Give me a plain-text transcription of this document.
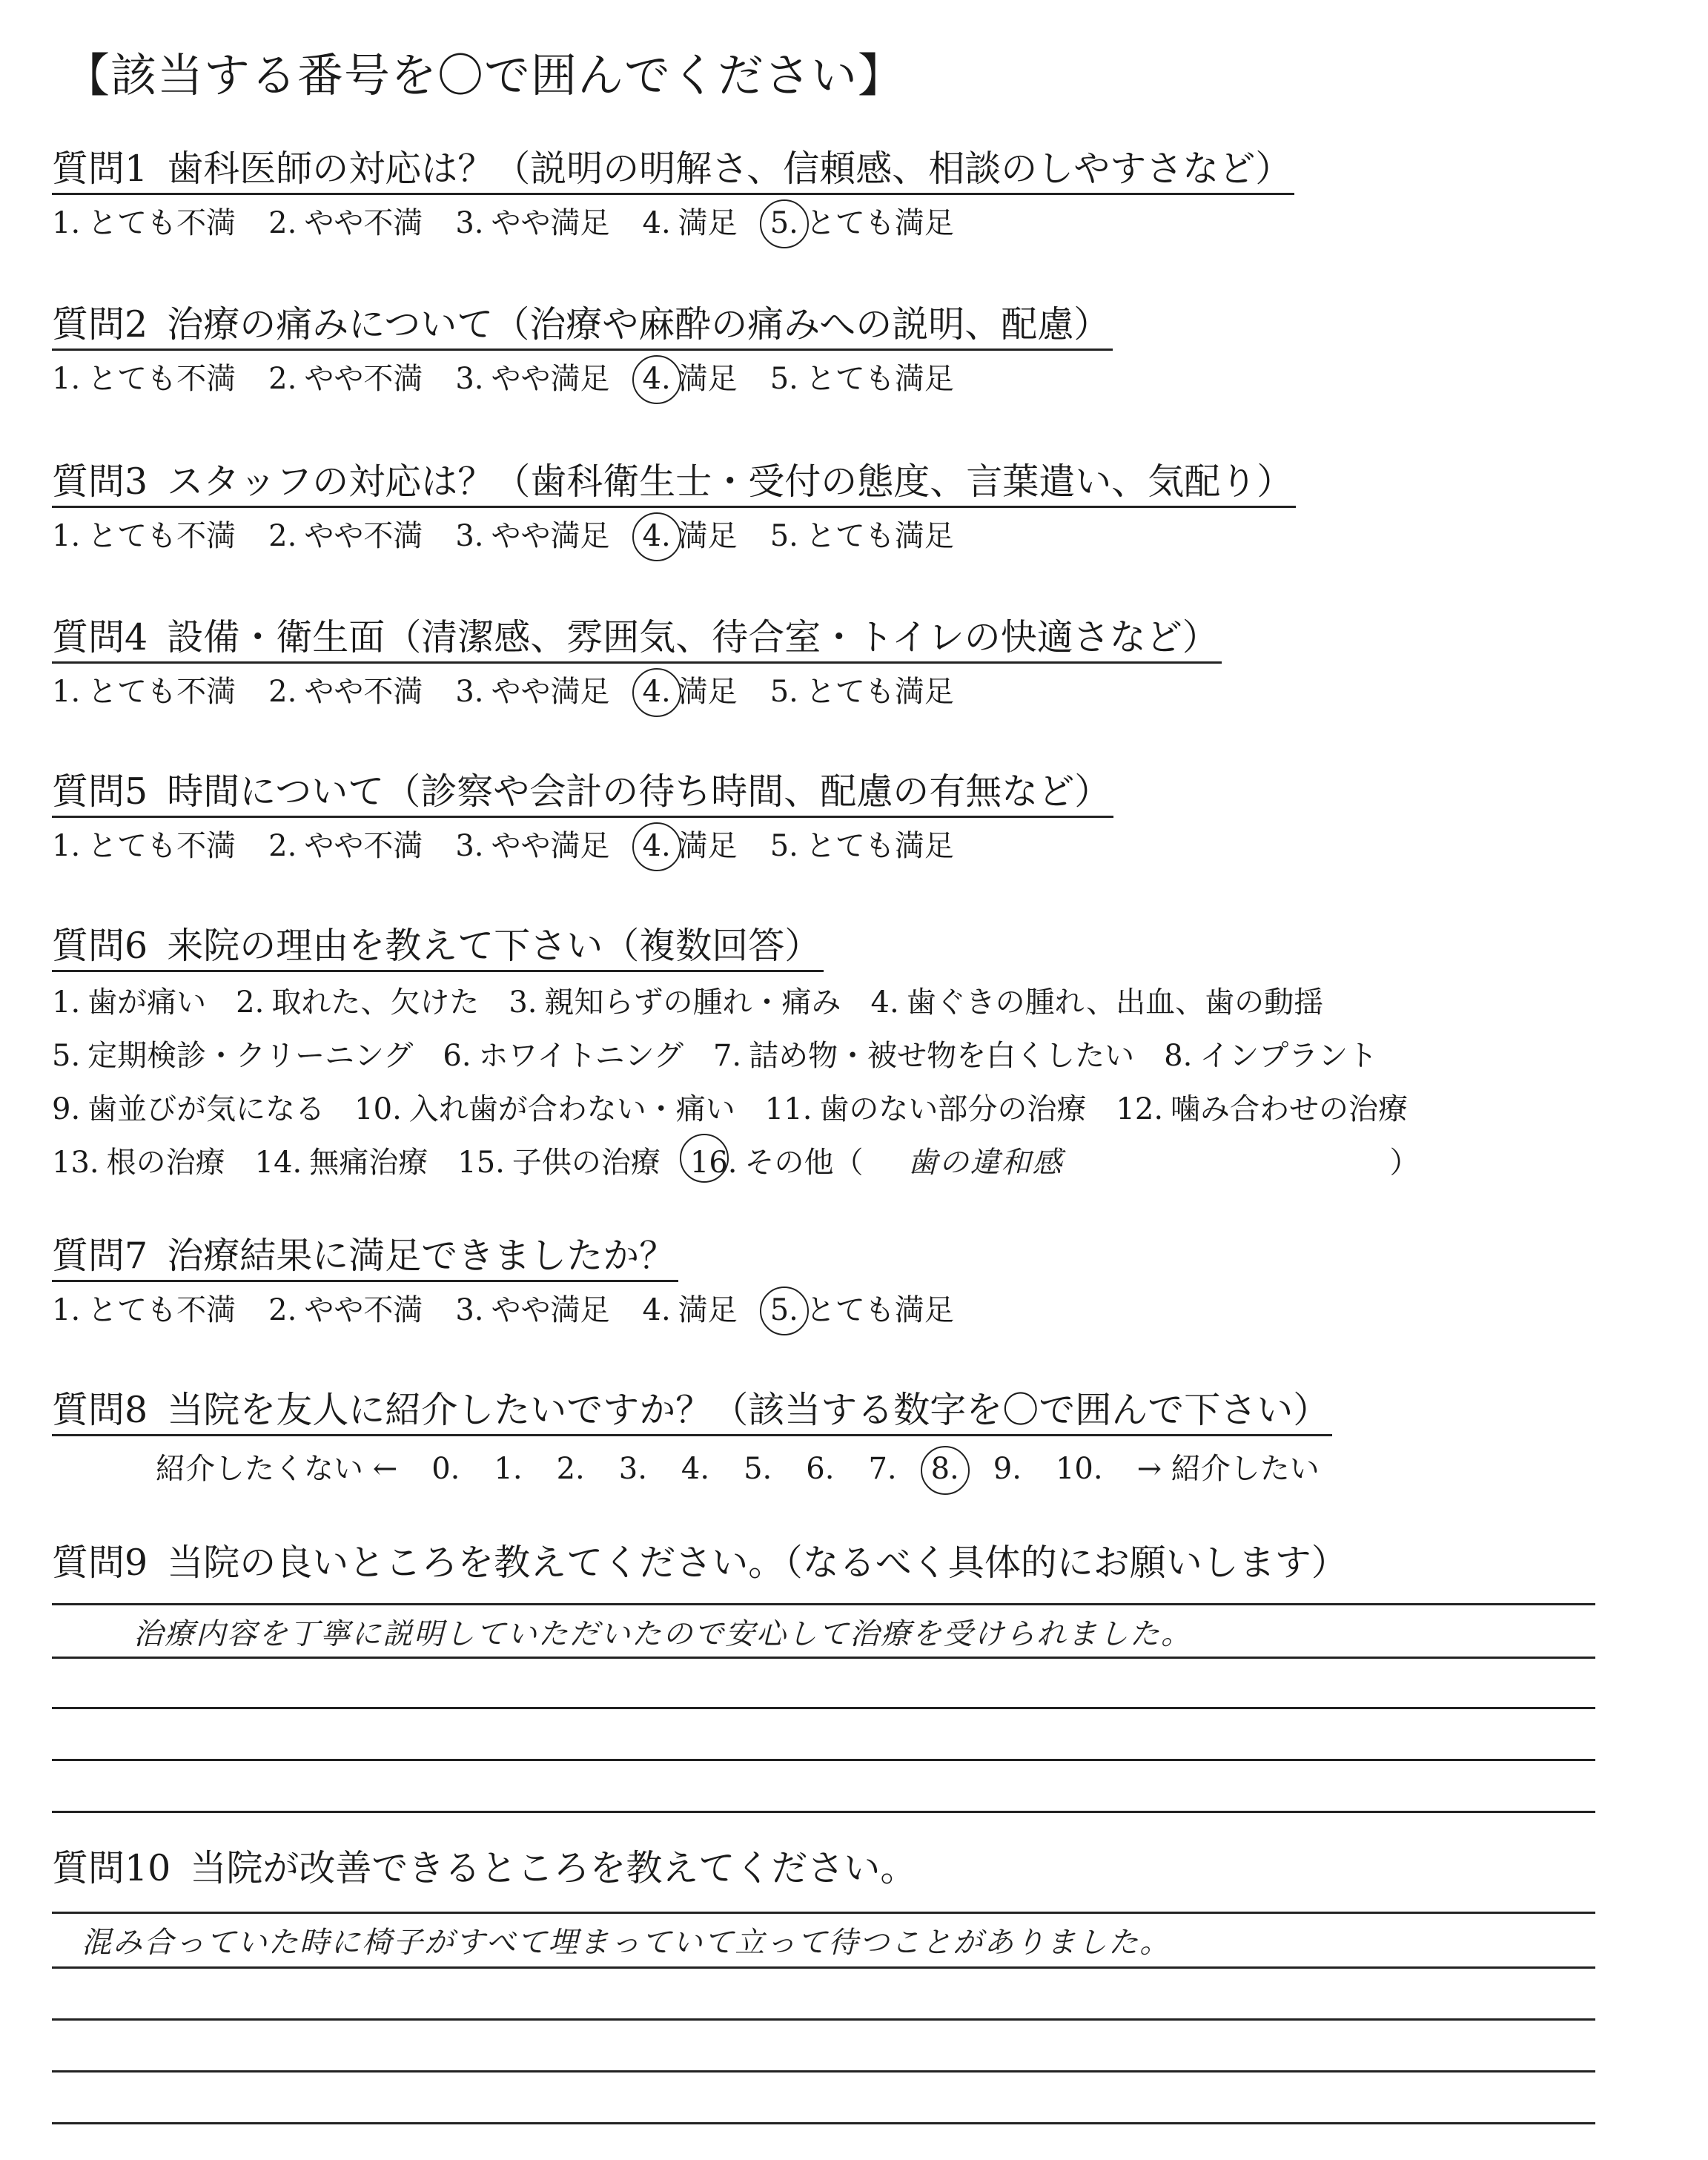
【該当する番号を〇で囲んでください】
質問1 歯科医師の対応は？（説明の明解さ、信頼感、相談のしやすさなど）
1. とても不満 2. やや不満 3. やや満足 4. 満足 5. とても満足
質問2 治療の痛みについて（治療や麻酔の痛みへの説明、配慮）
1. とても不満 2. やや不満 3. やや満足 4. 満足 5. とても満足
質問3 スタッフの対応は？（歯科衛生士・受付の態度、言葉遣い、気配り）
1. とても不満 2. やや不満 3. やや満足 4. 満足 5. とても満足
質問4 設備・衛生面（清潔感、雰囲気、待合室・トイレの快適さなど）
1. とても不満 2. やや不満 3. やや満足 4. 満足 5. とても満足
質問5 時間について（診察や会計の待ち時間、配慮の有無など）
1. とても不満 2. やや不満 3. やや満足 4. 満足 5. とても満足
質問6 来院の理由を教えて下さい（複数回答）
1. 歯が痛い 2. 取れた、欠けた 3. 親知らずの腫れ・痛み 4. 歯ぐきの腫れ、出血、歯の動揺
5. 定期検診・クリーニング 6. ホワイトニング 7. 詰め物・被せ物を白くしたい 8. インプラント
9. 歯並びが気になる 10. 入れ歯が合わない・痛い 11. 歯のない部分の治療 12. 噛み合わせの治療
13. 根の治療 14. 無痛治療 15. 子供の治療 16. その他（ 歯の違和感	）
質問7 治療結果に満足できましたか？
1. とても不満 2. やや不満 3. やや満足 4. 満足 5. とても満足
質問8 当院を友人に紹介したいですか？（該当する数字を〇で囲んで下さい）
紹介したくない ← 0. 1. 2. 3. 4. 5. 6. 7. 8. 9. 10. → 紹介したい
質問9 当院の良いところを教えてください。（なるべく具体的にお願いします）
治療内容を丁寧に説明していただいたので安心して治療を受けられました。
質問10 当院が改善できるところを教えてください。
混み合っていた時に椅子がすべて埋まっていて立って待つことがありました。
